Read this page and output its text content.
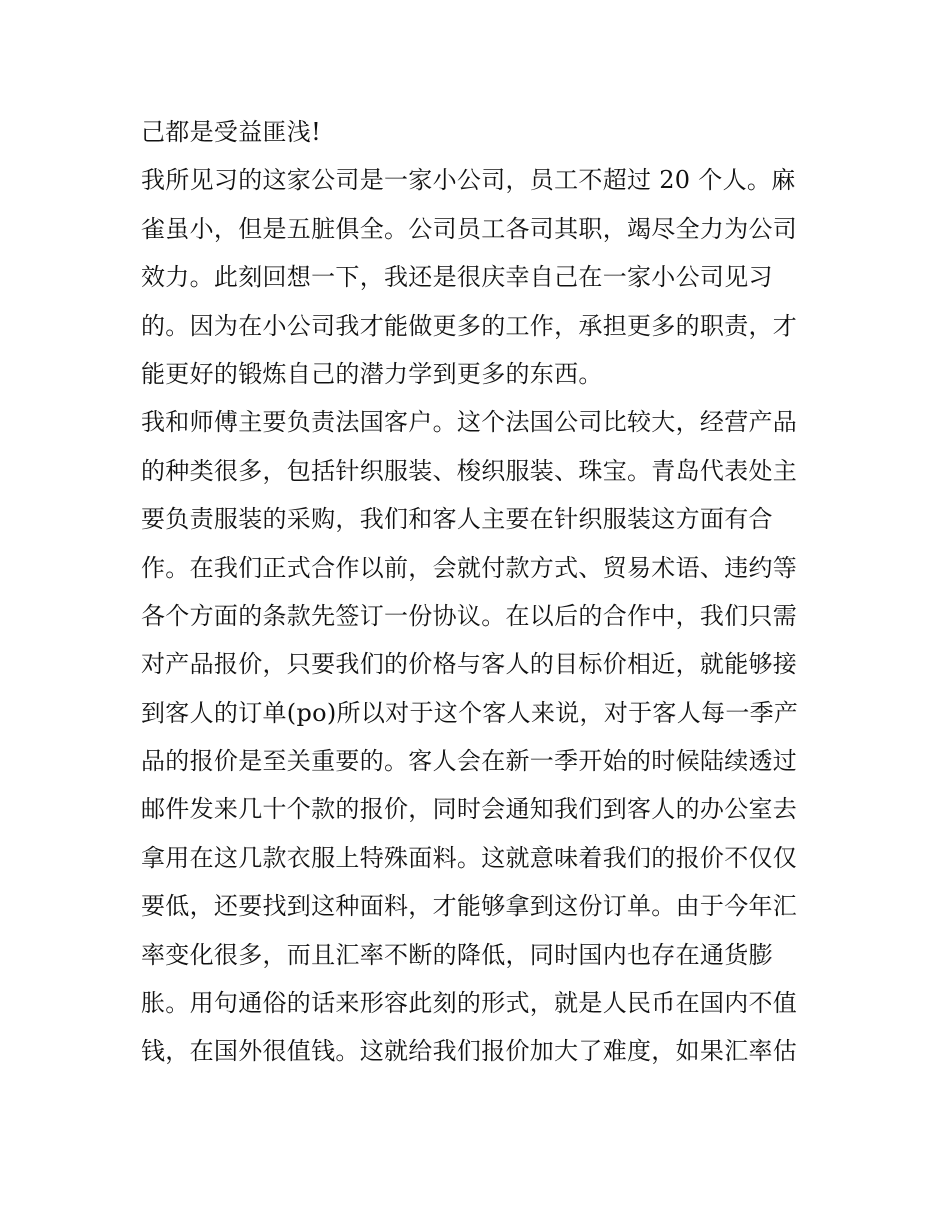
己都是受益匪浅!
我所见习的这家公司是一家小公司，员工不超过 20 个人。麻
雀虽小，但是五脏俱全。公司员工各司其职，竭尽全力为公司
效力。此刻回想一下，我还是很庆幸自己在一家小公司见习
的。因为在小公司我才能做更多的工作，承担更多的职责，才
能更好的锻炼自己的潜力学到更多的东西。
我和师傅主要负责法国客户。这个法国公司比较大，经营产品
的种类很多，包括针织服装、梭织服装、珠宝。青岛代表处主
要负责服装的采购，我们和客人主要在针织服装这方面有合
作。在我们正式合作以前，会就付款方式、贸易术语、违约等
各个方面的条款先签订一份协议。在以后的合作中，我们只需
对产品报价，只要我们的价格与客人的目标价相近，就能够接
到客人的订单(po)所以对于这个客人来说，对于客人每一季产
品的报价是至关重要的。客人会在新一季开始的时候陆续透过
邮件发来几十个款的报价，同时会通知我们到客人的办公室去
拿用在这几款衣服上特殊面料。这就意味着我们的报价不仅仅
要低，还要找到这种面料，才能够拿到这份订单。由于今年汇
率变化很多，而且汇率不断的降低，同时国内也存在通货膨
胀。用句通俗的话来形容此刻的形式，就是人民币在国内不值
钱，在国外很值钱。这就给我们报价加大了难度，如果汇率估
